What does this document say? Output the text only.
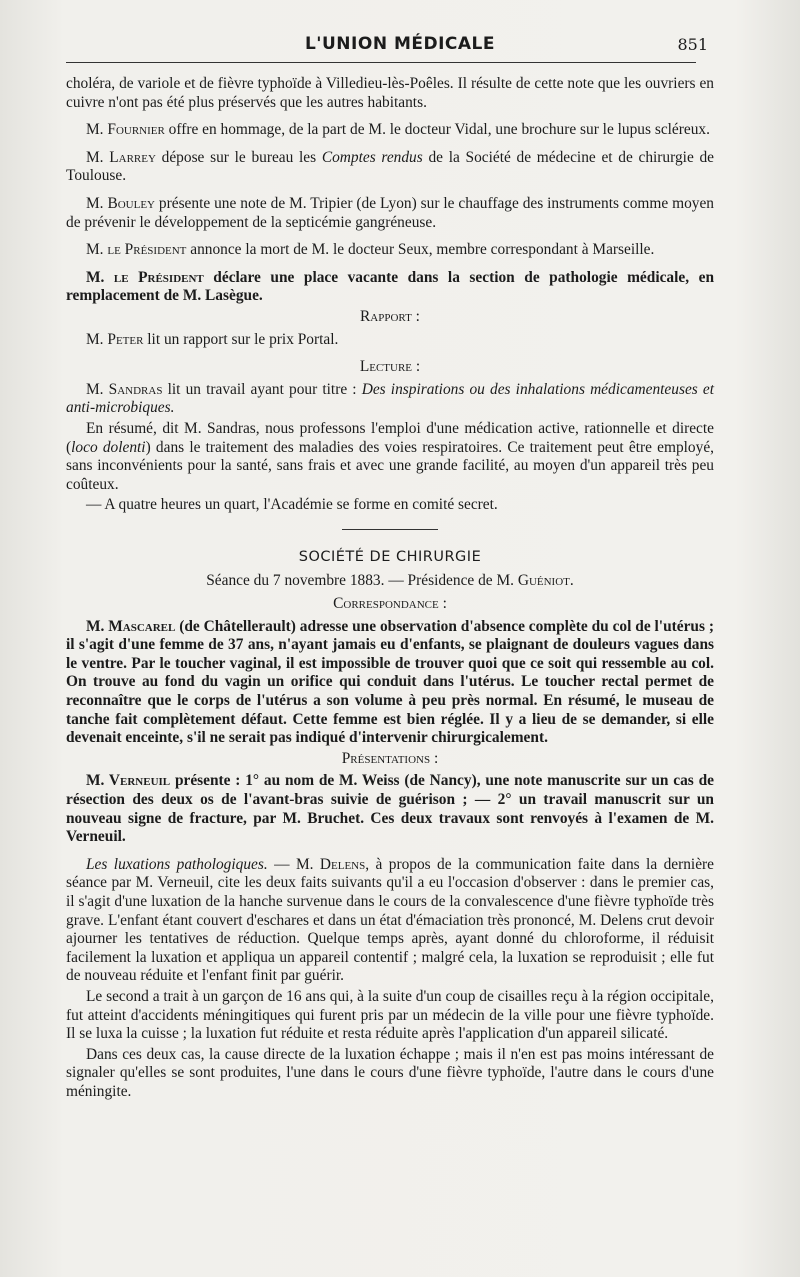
L'UNION MÉDICALE	851

choléra, de variole et de fièvre typhoïde à Villedieu-lès-Poêles. Il résulte de cette note que les ouvriers en cuivre n'ont pas été plus préservés que les autres habitants.

M. Fournier offre en hommage, de la part de M. le docteur Vidal, une brochure sur le lupus scléreux.

M. Larrey dépose sur le bureau les Comptes rendus de la Société de médecine et de chirurgie de Toulouse.

M. Bouley présente une note de M. Tripier (de Lyon) sur le chauffage des instruments comme moyen de prévenir le développement de la septicémie gangréneuse.

M. le Président annonce la mort de M. le docteur Seux, membre correspondant à Marseille.

M. le Président déclare une place vacante dans la section de pathologie médicale, en remplacement de M. Lasègue.

Rapport :

M. Peter lit un rapport sur le prix Portal.

Lecture :

M. Sandras lit un travail ayant pour titre : Des inspirations ou des inhalations médicamenteuses et anti-microbiques.

En résumé, dit M. Sandras, nous professons l'emploi d'une médication active, rationnelle et directe (loco dolenti) dans le traitement des maladies des voies respiratoires. Ce traitement peut être employé, sans inconvénients pour la santé, sans frais et avec une grande facilité, au moyen d'un appareil très peu coûteux.

— A quatre heures un quart, l'Académie se forme en comité secret.

SOCIÉTÉ DE CHIRURGIE
Séance du 7 novembre 1883. — Présidence de M. Guéniot.
Correspondance :

M. Mascarel (de Châtellerault) adresse une observation d'absence complète du col de l'utérus ; il s'agit d'une femme de 37 ans, n'ayant jamais eu d'enfants, se plaignant de douleurs vagues dans le ventre. Par le toucher vaginal, il est impossible de trouver quoi que ce soit qui ressemble au col. On trouve au fond du vagin un orifice qui conduit dans l'utérus. Le toucher rectal permet de reconnaître que le corps de l'utérus a son volume à peu près normal. En résumé, le museau de tanche fait complètement défaut. Cette femme est bien réglée. Il y a lieu de se demander, si elle devenait enceinte, s'il ne serait pas indiqué d'intervenir chirurgicalement.

Présentations :

M. Verneuil présente : 1° au nom de M. Weiss (de Nancy), une note manuscrite sur un cas de résection des deux os de l'avant-bras suivie de guérison ; — 2° un travail manuscrit sur un nouveau signe de fracture, par M. Bruchet. Ces deux travaux sont renvoyés à l'examen de M. Verneuil.

Les luxations pathologiques. — M. Delens, à propos de la communication faite dans la dernière séance par M. Verneuil, cite les deux faits suivants qu'il a eu l'occasion d'observer : dans le premier cas, il s'agit d'une luxation de la hanche survenue dans le cours de la convalescence d'une fièvre typhoïde très grave. L'enfant étant couvert d'eschares et dans un état d'émaciation très prononcé, M. Delens crut devoir ajourner les tentatives de réduction. Quelque temps après, ayant donné du chloroforme, il réduisit facilement la luxation et appliqua un appareil contentif ; malgré cela, la luxation se reproduisit ; elle fut de nouveau réduite et l'enfant finit par guérir.

Le second a trait à un garçon de 16 ans qui, à la suite d'un coup de cisailles reçu à la région occipitale, fut atteint d'accidents méningitiques qui furent pris par un médecin de la ville pour une fièvre typhoïde. Il se luxa la cuisse ; la luxation fut réduite et resta réduite après l'application d'un appareil silicaté.

Dans ces deux cas, la cause directe de la luxation échappe ; mais il n'en est pas moins intéressant de signaler qu'elles se sont produites, l'une dans le cours d'une fièvre typhoïde, l'autre dans le cours d'une méningite.
